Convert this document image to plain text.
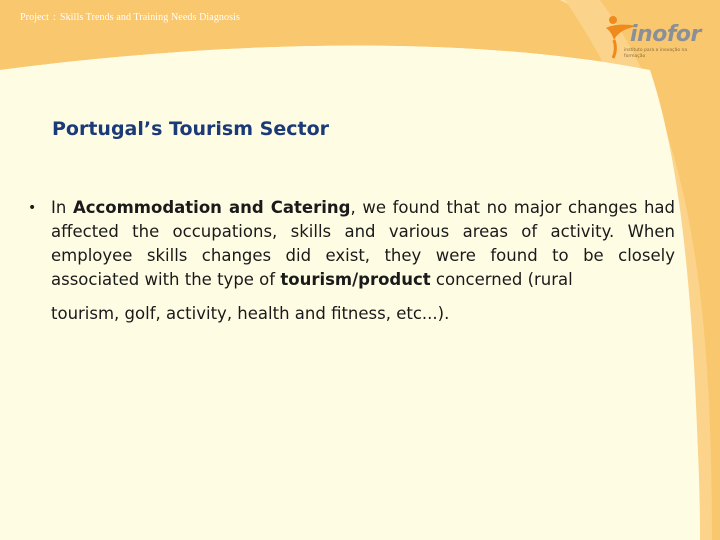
Project : Skills Trends and Training Needs Diagnosis
inofor
instituto para a inovação na formação
Portugal’s Tourism Sector
• In Accommodation and Catering, we found that no major changes had affected the occupations, skills and various areas of activity. When employee skills changes did exist, they were found to be closely associated with the type of tourism/product concerned (rural
tourism, golf, activity, health and fitness, etc...).
